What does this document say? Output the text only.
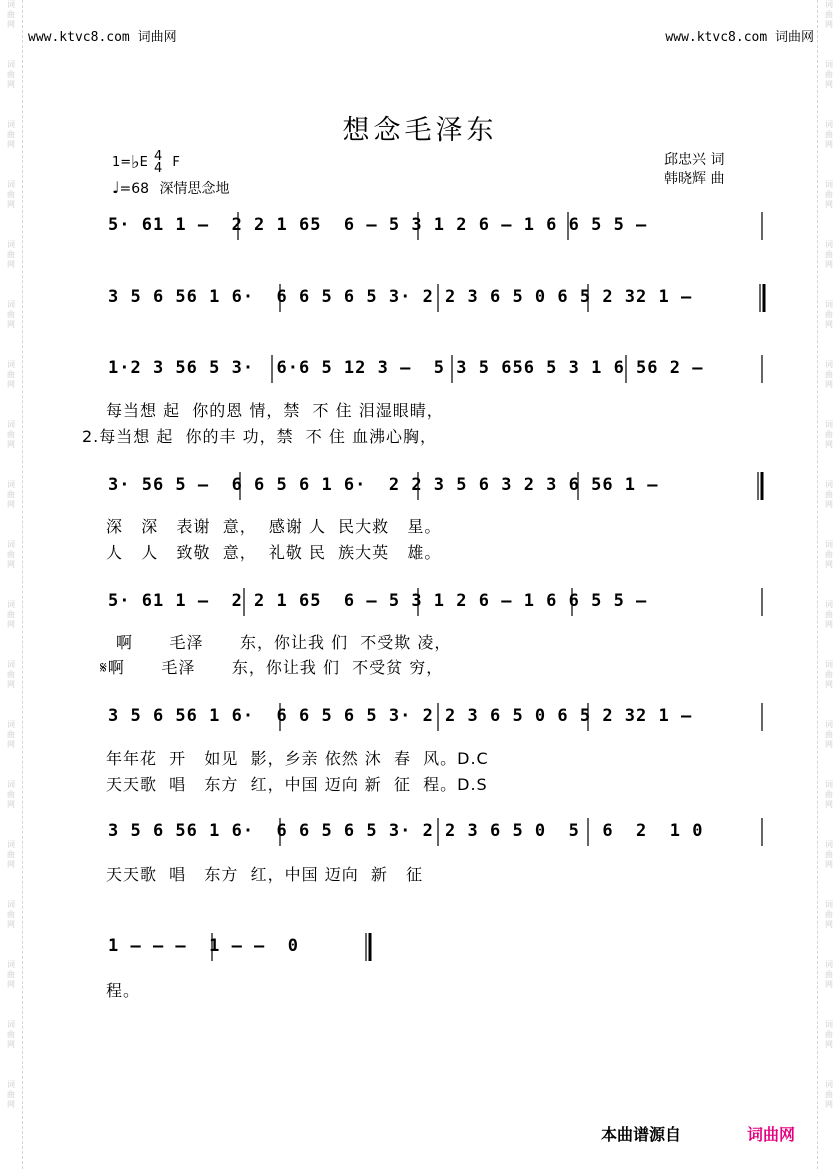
词
曲
网
词
曲
网
词
曲
网
词
曲
网
词
曲
网
词
曲
网
词
曲
网
词
曲
网
词
曲
网
词
曲
网
词
曲
网
词
曲
网
词
曲
网
词
曲
网
词
曲
网
词
曲
网
词
曲
网
词
曲
网
词
曲
网
词
曲
网
词
曲
网
词
曲
网
词
曲
网
词
曲
网
词
曲
网
词
曲
网
词
曲
网
词
曲
网
词
曲
网
词
曲
网
词
曲
网
词
曲
网
词
曲
网
词
曲
网
词
曲
网
词
曲
网
词
曲
网
词
曲
网
www.ktvc8.com 词曲网	www.ktvc8.com 词曲网
想念毛泽东
1=♭E 4
4 F
♩=68 深情思念地
邱忠兴 词
韩晓辉 曲
5· 61 1 —  2 2 1 65  6 — 5 3 1 2 6 — 1 6 6 5 5 —
3 5 6 56 1 6·  6 6 5 6 5 3· 2 2 3 6 5 0 6 5 2 32 1 —
1·2 3 56 5 3·  6·6 5 12 3 —  5 3 5 656 5 3 1 6 56 2 —
每当想 起  你的恩 情，禁  不 住 泪湿眼睛，
2.每当想 起  你的丰 功，禁  不 住 血沸心胸，
3· 56 5 —  6 6 5 6 1 6·  2 2 3 5 6 3 2 3 6 56 1 —
深   深   表谢  意，  感谢 人  民大救   星。
人   人   致敬  意，  礼敬 民  族大英   雄。
5· 61 1 —  2 2 1 65  6 — 5 3 1 2 6 — 1 6 6 5 5 —
啊      毛泽      东，你让我 们  不受欺 凌，
𝄋啊      毛泽      东，你让我 们  不受贫 穷，
3 5 6 56 1 6·  6 6 5 6 5 3· 2 2 3 6 5 0 6 5 2 32 1 —
年年花  开   如见  影，乡亲 依然 沐  春  风。D.C
天天歌  唱   东方  红，中国 迈向 新  征  程。D.S
3 5 6 56 1 6·  6 6 5 6 5 3· 2 2 3 6 5 0  5  6  2  1 0
天天歌  唱   东方  红，中国 迈向  新   征
1 — — —  1 — —  0
程。
本曲谱源自	词曲网
